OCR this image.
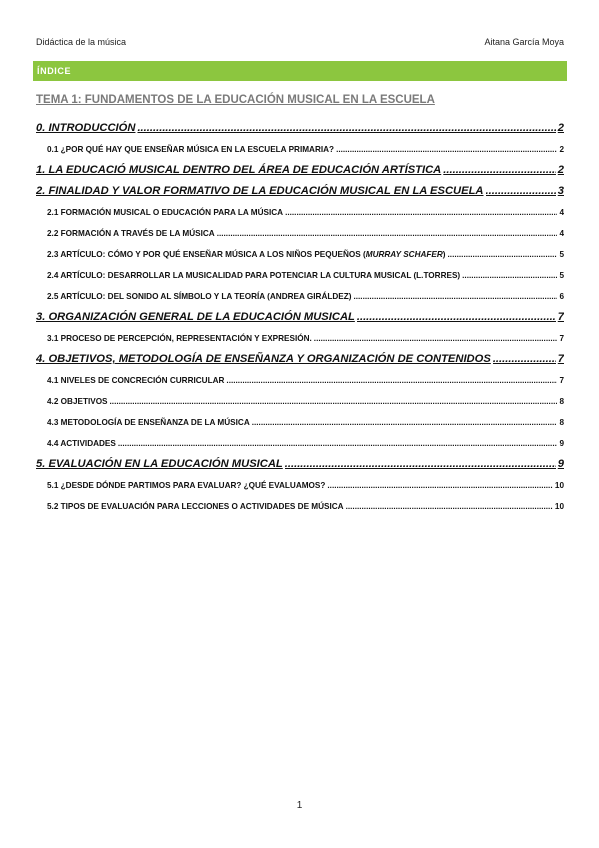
Didáctica de la música	Aitana García Moya
ÍNDICE
TEMA 1: FUNDAMENTOS DE LA EDUCACIÓN MUSICAL EN LA ESCUELA
0. INTRODUCCIÓN .....	2
0.1 ¿POR QUÉ HAY QUE ENSEÑAR MÚSICA EN LA ESCUELA PRIMARIA? .....	2
1. LA EDUCACIÓ MUSICAL DENTRO DEL ÁREA DE EDUCACIÓN ARTÍSTICA .....	2
2. FINALIDAD Y VALOR FORMATIVO DE LA EDUCACIÓN MUSICAL EN LA ESCUELA .....	3
2.1 FORMACIÓN MUSICAL O EDUCACIÓN PARA LA MÚSICA .....	4
2.2 FORMACIÓN A TRAVÉS DE LA MÚSICA .....	4
2.3 ARTÍCULO: CÓMO Y POR QUÉ ENSEÑAR MÚSICA A LOS NIÑOS PEQUEÑOS (MURRAY SCHAFER) .....	5
2.4 ARTÍCULO: DESARROLLAR LA MUSICALIDAD PARA POTENCIAR LA CULTURA MUSICAL (L.TORRES) .....	5
2.5 ARTÍCULO: DEL SONIDO AL SÍMBOLO Y LA TEORÍA (ANDREA GIRÁLDEZ) .....	6
3. ORGANIZACIÓN GENERAL DE LA EDUCACIÓN MUSICAL .....	7
3.1 PROCESO DE PERCEPCIÓN, REPRESENTACIÓN Y EXPRESIÓN. .....	7
4. OBJETIVOS, METODOLOGÍA DE ENSEÑANZA Y ORGANIZACIÓN DE CONTENIDOS .....	7
4.1 NIVELES DE CONCRECIÓN CURRICULAR .....	7
4.2 OBJETIVOS .....	8
4.3 METODOLOGÍA DE ENSEÑANZA DE LA MÚSICA .....	8
4.4 ACTIVIDADES .....	9
5. EVALUACIÓN EN LA EDUCACIÓN MUSICAL .....	9
5.1 ¿DESDE DÓNDE PARTIMOS PARA EVALUAR? ¿QUÉ EVALUAMOS? .....	10
5.2 TIPOS DE EVALUACIÓN PARA LECCIONES O ACTIVIDADES DE MÚSICA .....	10
1
